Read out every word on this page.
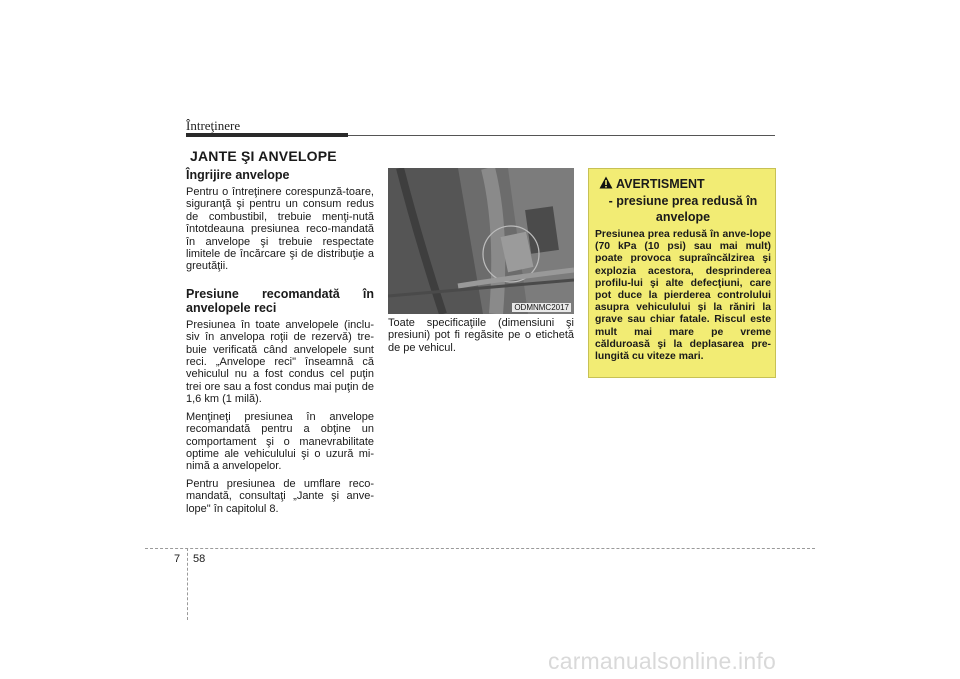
Întreţinere
JANTE ŞI ANVELOPE
Îngrijire anvelope

Pentru o întreţinere corespunză-toare, siguranţă şi pentru un consum redus de combustibil, trebuie menţi-nută întotdeauna presiunea reco-mandată în anvelope şi trebuie respectate limitele de încărcare şi de distribuţie a greutăţii.

Presiune recomandată în anvelopele reci

Presiunea în toate anvelopele (inclu-siv în anvelopa roţii de rezervă) tre-buie verificată când anvelopele sunt reci. „Anvelope reci" înseamnă că vehiculul nu a fost condus cel puţin trei ore sau a fost condus mai puţin de 1,6 km (1 milă).

Menţineţi presiunea în anvelope recomandată pentru a obţine un comportament şi o manevrabilitate optime ale vehiculului şi o uzură mi-nimă a anvelopelor.

Pentru presiunea de umflare reco-mandată, consultaţi „Jante şi anve-lope" în capitolul 8.

ODMNMC2017

Toate specificaţiile (dimensiuni şi presiuni) pot fi regăsite pe o etichetă de pe vehicul.

AVERTISMENT
- presiune prea redusă în anvelope
Presiunea prea redusă în anve-lope (70 kPa (10 psi) sau mai mult) poate provoca supraîncălzirea şi explozia acestora, desprinderea profilu-lui şi alte defecţiuni, care pot duce la pierderea controlului asupra vehiculului şi la răniri la grave sau chiar fatale. Riscul este mult mai mare pe vreme călduroasă şi la deplasarea pre-lungită cu viteze mari.
7 58
carmanualsonline.info
